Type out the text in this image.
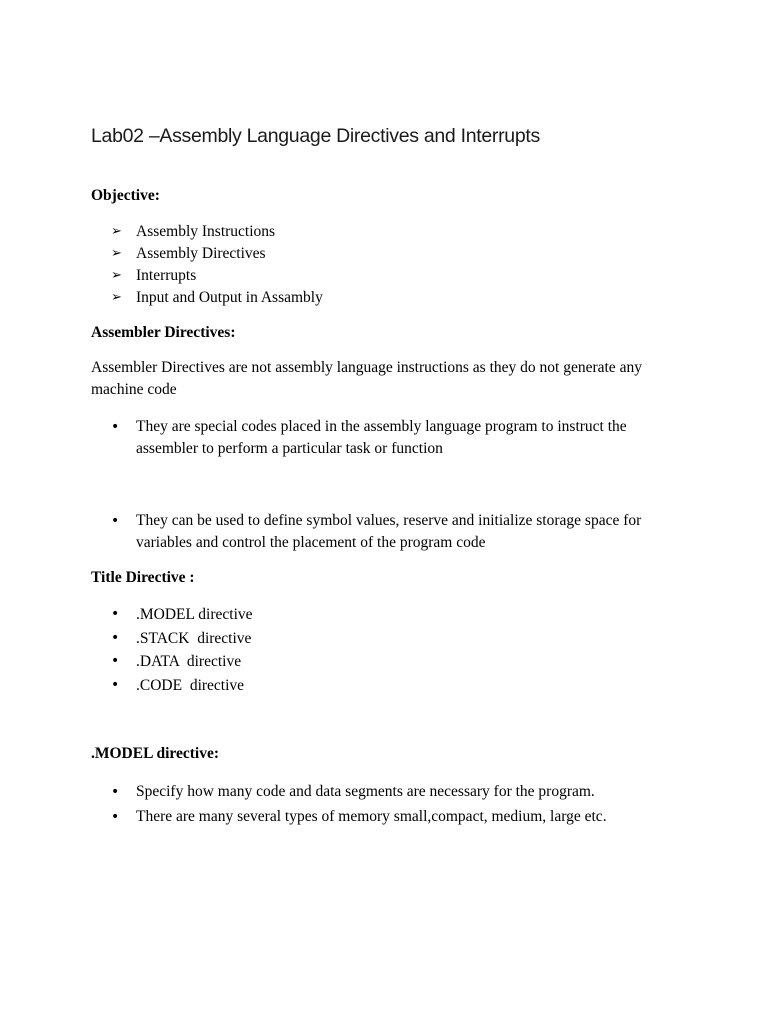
Lab02 –Assembly Language Directives and Interrupts
Objective:
➢ Assembly Instructions
➢ Assembly Directives
➢ Interrupts
➢ Input and Output in Assambly
Assembler Directives:

Assembler Directives are not assembly language instructions as they do not generate any machine code

•	They are special codes placed in the assembly language program to instruct the assembler to perform a particular task or function
•	They can be used to define symbol values, reserve and initialize storage space for variables and control the placement of the program code
Title Directive :
•	.MODEL directive
•	.STACK  directive
•	.DATA  directive
•	.CODE  directive
.MODEL directive:
•	Specify how many code and data segments are necessary for the program.
•	There are many several types of memory small,compact, medium, large etc.
